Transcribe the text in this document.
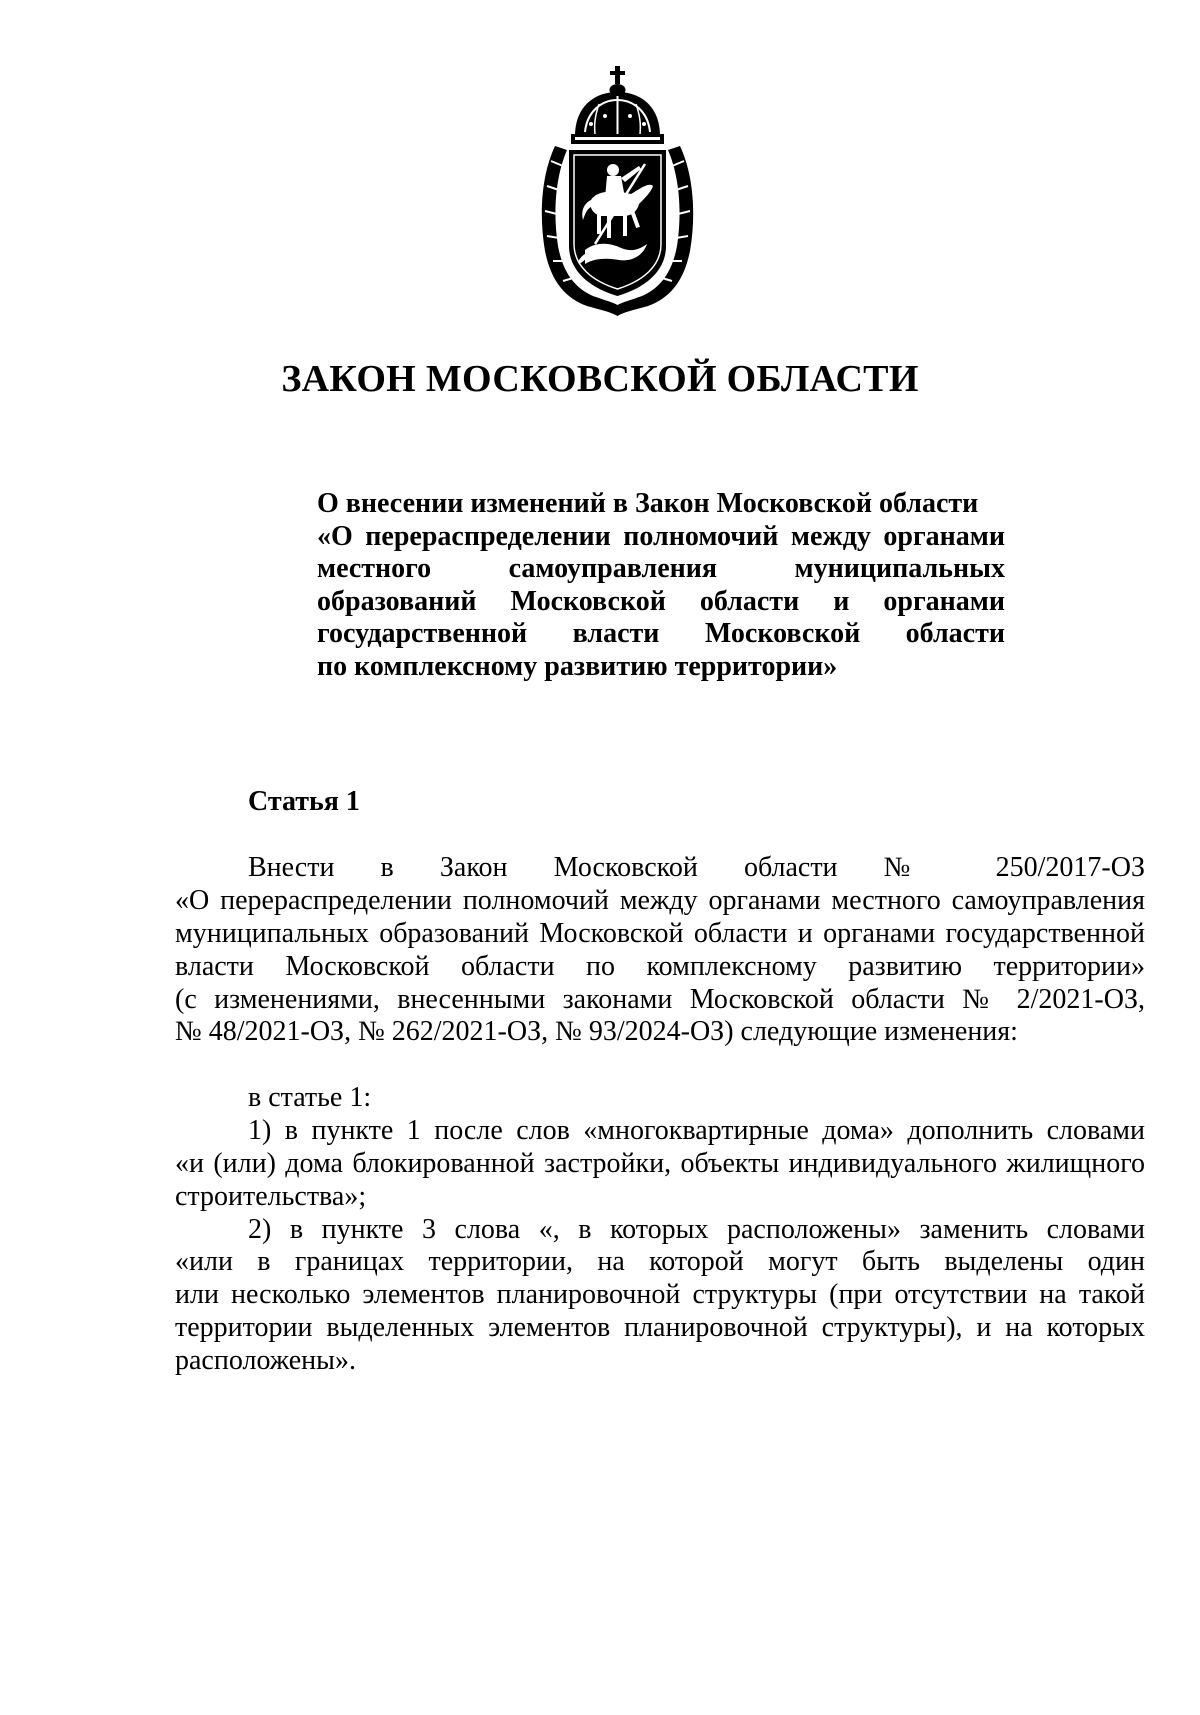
ЗАКОН МОСКОВСКОЙ ОБЛАСТИ
О внесении изменений в Закон Московской области
«О перераспределении полномочий между органами
местного самоуправления муниципальных
образований Московской области и органами
государственной власти Московской области
по комплексному развитию территории»
Статья 1
Внести в Закон Московской области № 250/2017-ОЗ
«О перераспределении полномочий между органами местного самоуправления
муниципальных образований Московской области и органами государственной
власти Московской области по комплексному развитию территории»
(с изменениями, внесенными законами Московской области № 2/2021-ОЗ,
№ 48/2021-ОЗ, № 262/2021-ОЗ, № 93/2024-ОЗ) следующие изменения:
в статье 1:
1) в пункте 1 после слов «многоквартирные дома» дополнить словами
«и (или) дома блокированной застройки, объекты индивидуального жилищного
строительства»;
2) в пункте 3 слова «, в которых расположены» заменить словами
«или в границах территории, на которой могут быть выделены один
или несколько элементов планировочной структуры (при отсутствии на такой
территории выделенных элементов планировочной структуры), и на которых
расположены».
